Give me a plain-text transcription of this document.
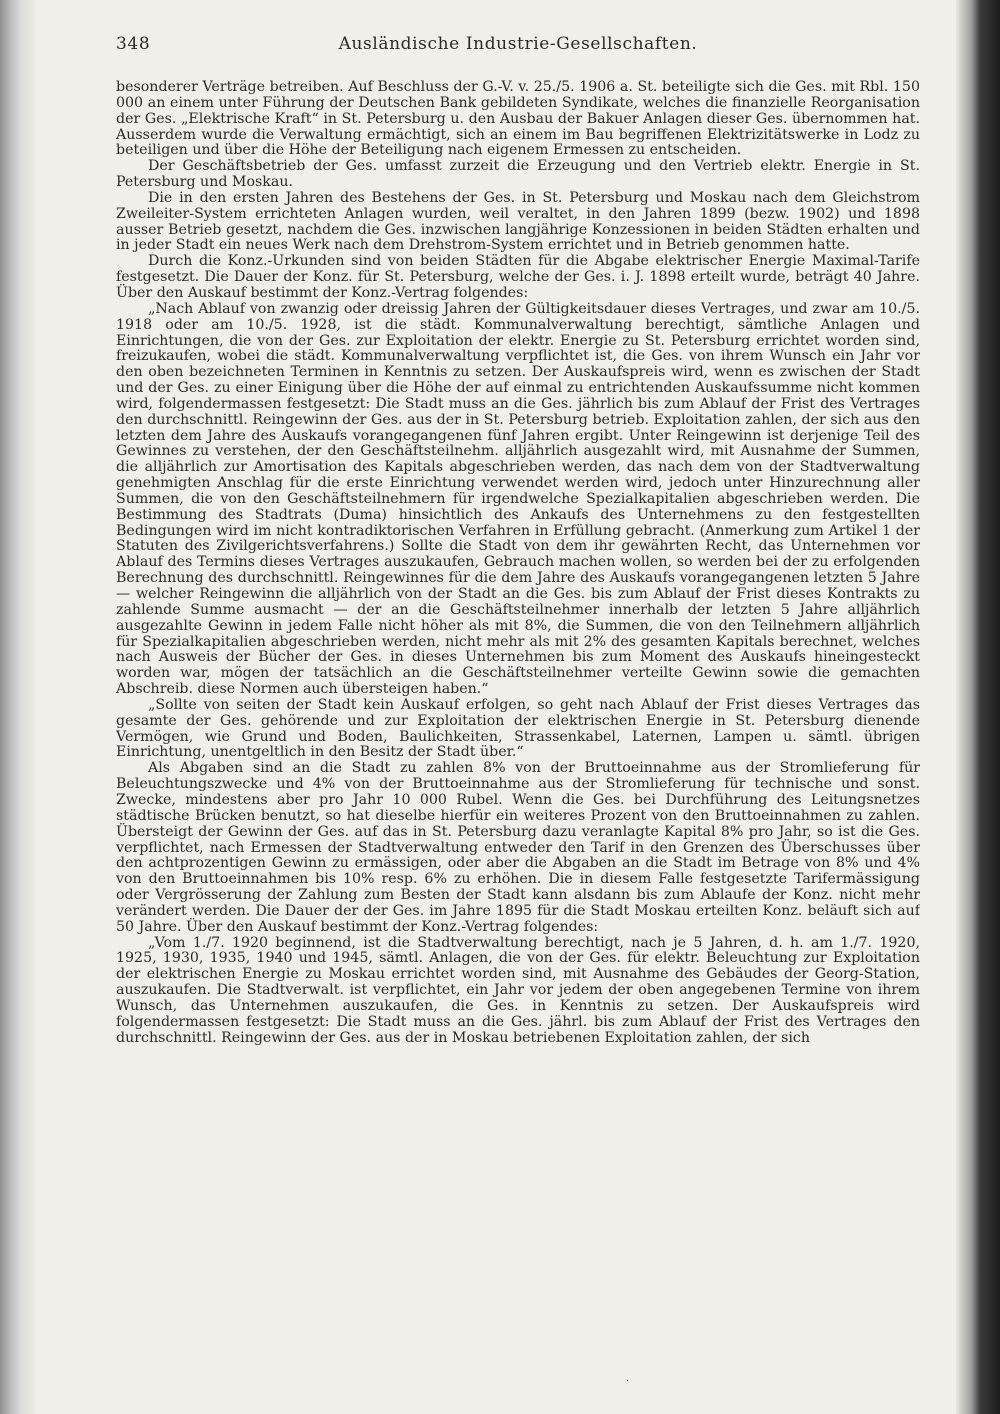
348	Ausländische Industrie-Gesellschaften.

besonderer Verträge betreiben. Auf Beschluss der G.-V. v. 25./5. 1906 a. St. beteiligte sich die Ges. mit Rbl. 150 000 an einem unter Führung der Deutschen Bank gebildeten Syndikate, welches die finanzielle Reorganisation der Ges. „Elektrische Kraft“ in St. Petersburg u. den Ausbau der Bakuer Anlagen dieser Ges. übernommen hat. Ausserdem wurde die Verwaltung ermächtigt, sich an einem im Bau begriffenen Elektrizitätswerke in Lodz zu beteiligen und über die Höhe der Beteiligung nach eigenem Ermessen zu entscheiden.

Der Geschäftsbetrieb der Ges. umfasst zurzeit die Erzeugung und den Vertrieb elektr. Energie in St. Petersburg und Moskau.

Die in den ersten Jahren des Bestehens der Ges. in St. Petersburg und Moskau nach dem Gleichstrom Zweileiter-System errichteten Anlagen wurden, weil veraltet, in den Jahren 1899 (bezw. 1902) und 1898 ausser Betrieb gesetzt, nachdem die Ges. inzwischen langjährige Konzessionen in beiden Städten erhalten und in jeder Stadt ein neues Werk nach dem Drehstrom-System errichtet und in Betrieb genommen hatte.

Durch die Konz.-Urkunden sind von beiden Städten für die Abgabe elektrischer Energie Maximal-Tarife festgesetzt. Die Dauer der Konz. für St. Petersburg, welche der Ges. i. J. 1898 erteilt wurde, beträgt 40 Jahre. Über den Auskauf bestimmt der Konz.-Vertrag folgendes:

„Nach Ablauf von zwanzig oder dreissig Jahren der Gültigkeitsdauer dieses Vertrages, und zwar am 10./5. 1918 oder am 10./5. 1928, ist die städt. Kommunalverwaltung berechtigt, sämtliche Anlagen und Einrichtungen, die von der Ges. zur Exploitation der elektr. Energie zu St. Petersburg errichtet worden sind, freizukaufen, wobei die städt. Kommunalverwaltung verpflichtet ist, die Ges. von ihrem Wunsch ein Jahr vor den oben bezeichneten Terminen in Kenntnis zu setzen. Der Auskaufspreis wird, wenn es zwischen der Stadt und der Ges. zu einer Einigung über die Höhe der auf einmal zu entrichtenden Auskaufssumme nicht kommen wird, folgendermassen festgesetzt: Die Stadt muss an die Ges. jährlich bis zum Ablauf der Frist des Vertrages den durchschnittl. Reingewinn der Ges. aus der in St. Petersburg betrieb. Exploitation zahlen, der sich aus den letzten dem Jahre des Auskaufs vorangegangenen fünf Jahren ergibt. Unter Reingewinn ist derjenige Teil des Gewinnes zu verstehen, der den Geschäftsteilnehm. alljährlich ausgezahlt wird, mit Ausnahme der Summen, die alljährlich zur Amortisation des Kapitals abgeschrieben werden, das nach dem von der Stadtverwaltung genehmigten Anschlag für die erste Einrichtung verwendet werden wird, jedoch unter Hinzurechnung aller Summen, die von den Geschäftsteilnehmern für irgendwelche Spezialkapitalien abgeschrieben werden. Die Bestimmung des Stadtrats (Duma) hinsichtlich des Ankaufs des Unternehmens zu den festgestellten Bedingungen wird im nicht kontradiktorischen Verfahren in Erfüllung gebracht. (Anmerkung zum Artikel 1 der Statuten des Zivilgerichtsverfahrens.) Sollte die Stadt von dem ihr gewährten Recht, das Unternehmen vor Ablauf des Termins dieses Vertrages auszukaufen, Gebrauch machen wollen, so werden bei der zu erfolgenden Berechnung des durchschnittl. Reingewinnes für die dem Jahre des Auskaufs vorangegangenen letzten 5 Jahre — welcher Reingewinn die alljährlich von der Stadt an die Ges. bis zum Ablauf der Frist dieses Kontrakts zu zahlende Summe ausmacht — der an die Geschäftsteilnehmer innerhalb der letzten 5 Jahre alljährlich ausgezahlte Gewinn in jedem Falle nicht höher als mit 8%, die Summen, die von den Teilnehmern alljährlich für Spezialkapitalien abgeschrieben werden, nicht mehr als mit 2% des gesamten Kapitals berechnet, welches nach Ausweis der Bücher der Ges. in dieses Unternehmen bis zum Moment des Auskaufs hineingesteckt worden war, mögen der tatsächlich an die Geschäftsteilnehmer verteilte Gewinn sowie die gemachten Abschreib. diese Normen auch übersteigen haben.“

„Sollte von seiten der Stadt kein Auskauf erfolgen, so geht nach Ablauf der Frist dieses Vertrages das gesamte der Ges. gehörende und zur Exploitation der elektrischen Energie in St. Petersburg dienende Vermögen, wie Grund und Boden, Baulichkeiten, Strassenkabel, Laternen, Lampen u. sämtl. übrigen Einrichtung, unentgeltlich in den Besitz der Stadt über.“

Als Abgaben sind an die Stadt zu zahlen 8% von der Bruttoeinnahme aus der Stromlieferung für Beleuchtungszwecke und 4% von der Bruttoeinnahme aus der Stromlieferung für technische und sonst. Zwecke, mindestens aber pro Jahr 10 000 Rubel. Wenn die Ges. bei Durchführung des Leitungsnetzes städtische Brücken benutzt, so hat dieselbe hierfür ein weiteres Prozent von den Bruttoeinnahmen zu zahlen. Übersteigt der Gewinn der Ges. auf das in St. Petersburg dazu veranlagte Kapital 8% pro Jahr, so ist die Ges. verpflichtet, nach Ermessen der Stadtverwaltung entweder den Tarif in den Grenzen des Überschusses über den achtprozentigen Gewinn zu ermässigen, oder aber die Abgaben an die Stadt im Betrage von 8% und 4% von den Bruttoeinnahmen bis 10% resp. 6% zu erhöhen. Die in diesem Falle festgesetzte Tarifermässigung oder Vergrösserung der Zahlung zum Besten der Stadt kann alsdann bis zum Ablaufe der Konz. nicht mehr verändert werden. Die Dauer der der Ges. im Jahre 1895 für die Stadt Moskau erteilten Konz. beläuft sich auf 50 Jahre. Über den Auskauf bestimmt der Konz.-Vertrag folgendes:

„Vom 1./7. 1920 beginnend, ist die Stadtverwaltung berechtigt, nach je 5 Jahren, d. h. am 1./7. 1920, 1925, 1930, 1935, 1940 und 1945, sämtl. Anlagen, die von der Ges. für elektr. Beleuchtung zur Exploitation der elektrischen Energie zu Moskau errichtet worden sind, mit Ausnahme des Gebäudes der Georg-Station, auszukaufen. Die Stadtverwalt. ist verpflichtet, ein Jahr vor jedem der oben angegebenen Termine von ihrem Wunsch, das Unternehmen auszukaufen, die Ges. in Kenntnis zu setzen. Der Auskaufspreis wird folgendermassen festgesetzt: Die Stadt muss an die Ges. jährl. bis zum Ablauf der Frist des Vertrages den durchschnittl. Reingewinn der Ges. aus der in Moskau betriebenen Exploitation zahlen, der sich

·
